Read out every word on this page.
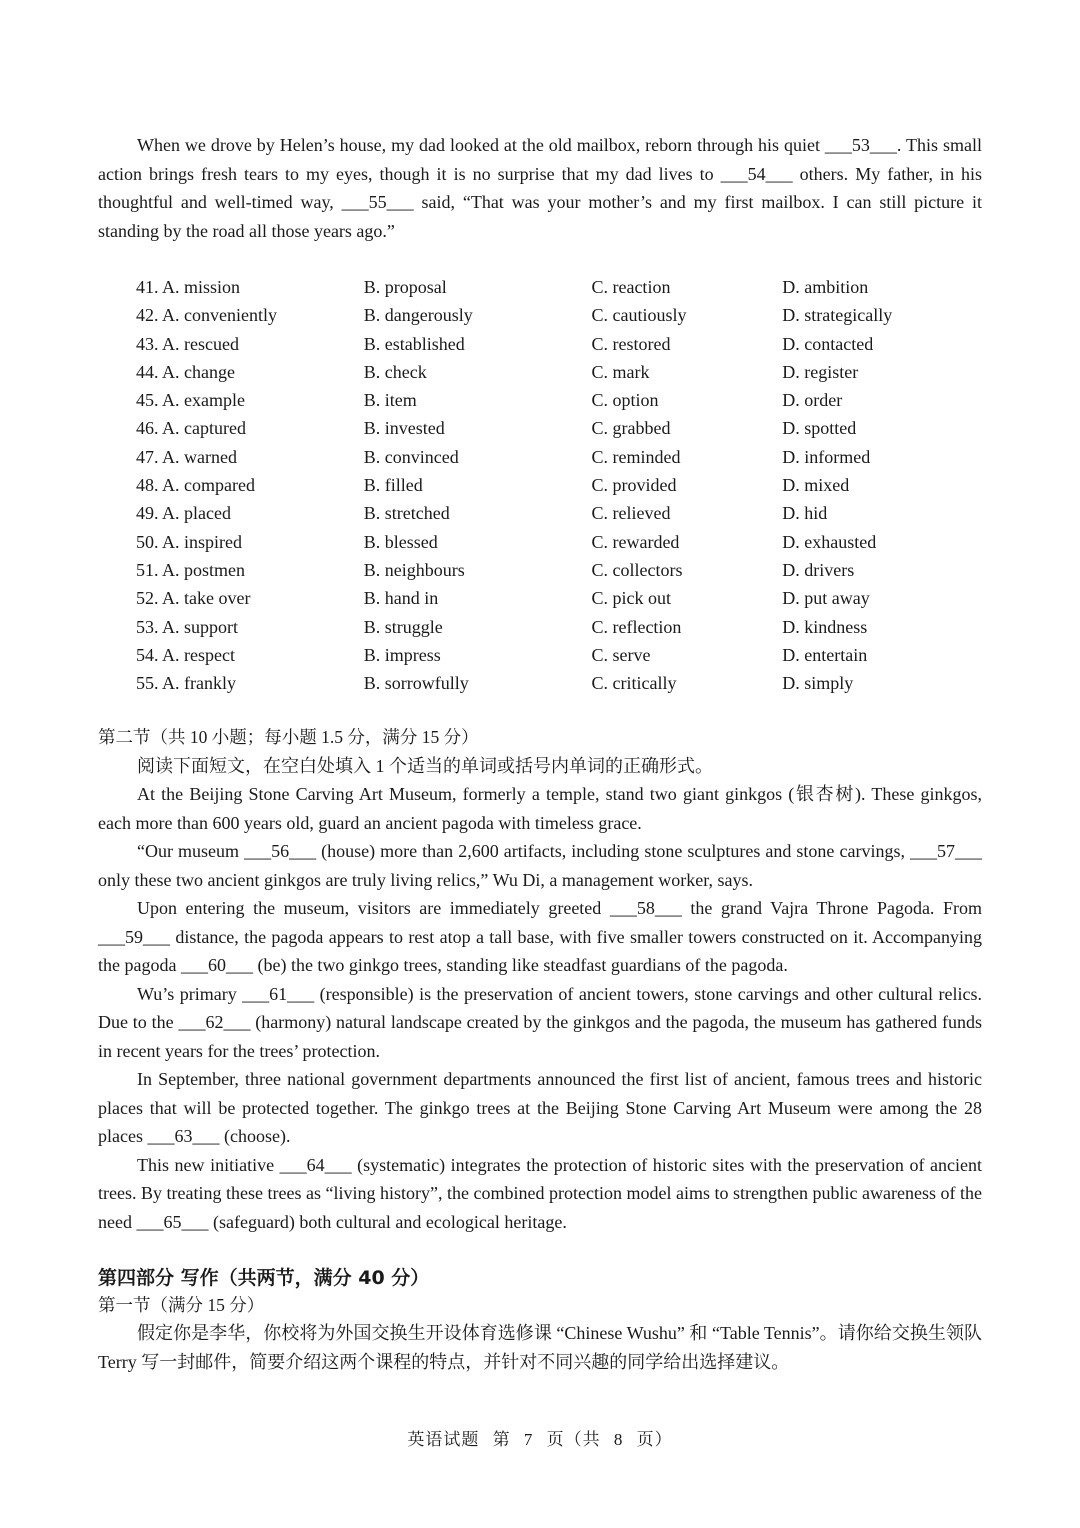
When we drove by Helen’s house, my dad looked at the old mailbox, reborn through his quiet ___53___. This small action brings fresh tears to my eyes, though it is no surprise that my dad lives to ___54___ others. My father, in his thoughtful and well-timed way, ___55___ said, “That was your mother’s and my first mailbox. I can still picture it standing by the road all those years ago.”

41. A. mission	B. proposal	C. reaction	D. ambition
42. A. conveniently	B. dangerously	C. cautiously	D. strategically
43. A. rescued	B. established	C. restored	D. contacted
44. A. change	B. check	C. mark	D. register
45. A. example	B. item	C. option	D. order
46. A. captured	B. invested	C. grabbed	D. spotted
47. A. warned	B. convinced	C. reminded	D. informed
48. A. compared	B. filled	C. provided	D. mixed
49. A. placed	B. stretched	C. relieved	D. hid
50. A. inspired	B. blessed	C. rewarded	D. exhausted
51. A. postmen	B. neighbours	C. collectors	D. drivers
52. A. take over	B. hand in	C. pick out	D. put away
53. A. support	B. struggle	C. reflection	D. kindness
54. A. respect	B. impress	C. serve	D. entertain
55. A. frankly	B. sorrowfully	C. critically	D. simply
第二节（共 10 小题；每小题 1.5 分，满分 15 分）

阅读下面短文，在空白处填入 1 个适当的单词或括号内单词的正确形式。

At the Beijing Stone Carving Art Museum, formerly a temple, stand two giant ginkgos (银杏树). These ginkgos, each more than 600 years old, guard an ancient pagoda with timeless grace.

“Our museum ___56___ (house) more than 2,600 artifacts, including stone sculptures and stone carvings, ___57___ only these two ancient ginkgos are truly living relics,” Wu Di, a management worker, says.

Upon entering the museum, visitors are immediately greeted ___58___ the grand Vajra Throne Pagoda. From ___59___ distance, the pagoda appears to rest atop a tall base, with five smaller towers constructed on it. Accompanying the pagoda ___60___ (be) the two ginkgo trees, standing like steadfast guardians of the pagoda.

Wu’s primary ___61___ (responsible) is the preservation of ancient towers, stone carvings and other cultural relics. Due to the ___62___ (harmony) natural landscape created by the ginkgos and the pagoda, the museum has gathered funds in recent years for the trees’ protection.

In September, three national government departments announced the first list of ancient, famous trees and historic places that will be protected together. The ginkgo trees at the Beijing Stone Carving Art Museum were among the 28 places ___63___ (choose).

This new initiative ___64___ (systematic) integrates the protection of historic sites with the preservation of ancient trees. By treating these trees as “living history”, the combined protection model aims to strengthen public awareness of the need ___65___ (safeguard) both cultural and ecological heritage.

第四部分 写作（共两节，满分 40 分）
第一节（满分 15 分）

假定你是李华，你校将为外国交换生开设体育选修课 “Chinese Wushu” 和 “Table Tennis”。请你给交换生领队 Terry 写一封邮件，简要介绍这两个课程的特点，并针对不同兴趣的同学给出选择建议。

英语试题 第 7 页（共 8 页）
